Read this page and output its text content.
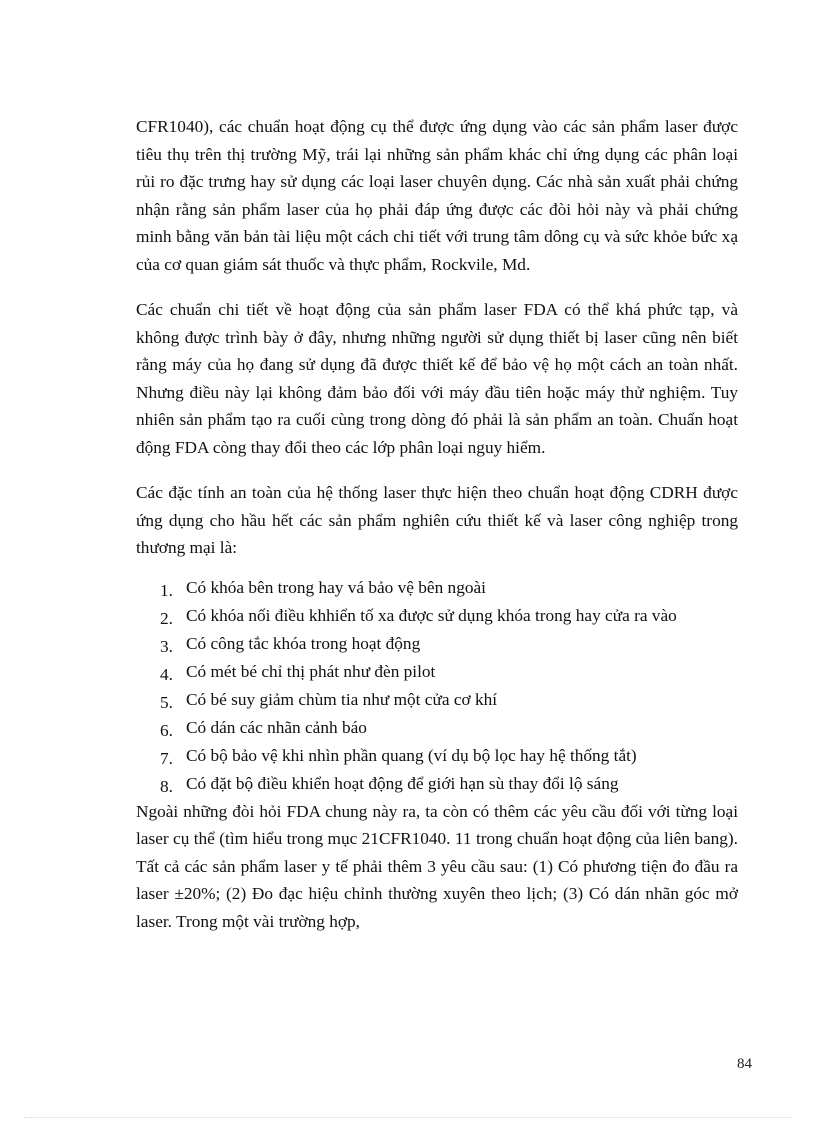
CFR1040), các chuẩn hoạt động cụ thể được ứng dụng vào các sản phẩm laser được tiêu thụ trên thị trường Mỹ, trái lại những sản phẩm khác chỉ ứng dụng các phân loại rủi ro đặc trưng hay sử dụng các loại laser chuyên dụng. Các nhà sản xuất phải chứng nhận rằng sản phẩm laser của họ phải đáp ứng được các đòi hỏi này và phải chứng minh bằng văn bản tài liệu một cách chi tiết với trung tâm dông cụ và sức khỏe bức xạ của cơ quan giám sát thuốc và thực phẩm, Rockvile, Md.

Các chuẩn chi tiết về hoạt động của sản phẩm laser FDA có thể khá phức tạp, và không được trình bày ở đây, nhưng những người sử dụng thiết bị laser cũng nên biết rằng máy của họ đang sử dụng đã được thiết kế để bảo vệ họ một cách an toàn nhất. Nhưng điều này lại không đảm bảo đối với máy đầu tiên hoặc máy thử nghiệm. Tuy nhiên sản phẩm tạo ra cuối cùng trong dòng đó phải là sản phẩm an toàn. Chuẩn hoạt động FDA còng thay đổi theo các lớp phân loại nguy hiểm.

Các đặc tính an toàn của hệ thống laser thực hiện theo chuẩn hoạt động CDRH được ứng dụng cho hầu hết các sản phẩm nghiên cứu thiết kế và laser công nghiệp trong thương mại là:

1. Có khóa bên trong hay vá bảo vệ bên ngoài
2. Có khóa nối điều khhiển tố xa được sử dụng khóa trong hay cửa ra vào
3. Có công tắc khóa trong hoạt động
4. Có mét bé chỉ thị phát như đèn pilot
5. Có bé suy giảm chùm tia như một cửa cơ khí
6. Có dán các nhãn cảnh báo
7. Có bộ bảo vệ khi nhìn phần quang (ví dụ bộ lọc hay hệ thống tắt)
8. Có đặt bộ điều khiển hoạt động để giới hạn sù thay đổi lộ sáng

Ngoài những đòi hỏi FDA chung này ra, ta còn có thêm các yêu cầu đối với từng loại laser cụ thể (tìm hiểu trong mục 21CFR1040. 11 trong chuẩn hoạt động của liên bang). Tất cả các sản phẩm laser y tế phải thêm 3 yêu cầu sau: (1) Có phương tiện đo đầu ra laser ±20%; (2) Đo đạc hiệu chỉnh thường xuyên theo lịch; (3) Có dán nhãn góc mở laser. Trong một vài trường hợp,

84
